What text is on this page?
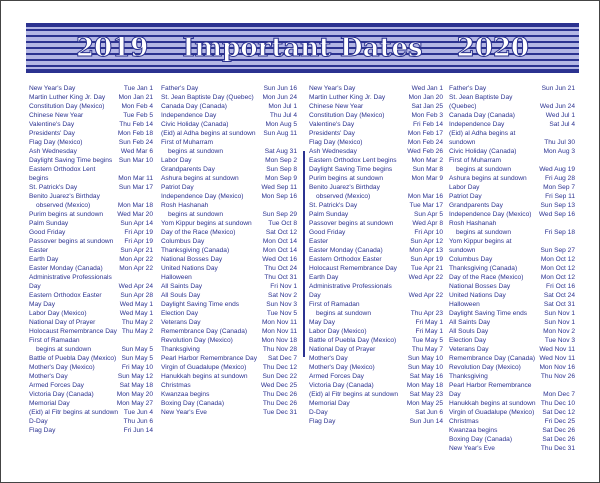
2019 Important Dates 2020
New Year's Day	Tue Jan 1
Martin Luther King Jr. Day	Mon Jan 21
Constitution Day (Mexico)	Mon Feb 4
Chinese New Year	Tue Feb 5
Valentine's Day	Thu Feb 14
Presidents' Day	Mon Feb 18
Flag Day (Mexico)	Sun Feb 24
Ash Wednesday	Wed Mar 6
Daylight Saving Time begins	Sun Mar 10
Eastern Orthodox Lent begins	Mon Mar 11
St. Patrick's Day	Sun Mar 17
Benito Juarez's Birthday
observed (Mexico)	Mon Mar 18
Purim begins at sundown	Wed Mar 20
Palm Sunday	Sun Apr 14
Good Friday	Fri Apr 19
Passover begins at sundown	Fri Apr 19
Easter	Sun Apr 21
Earth Day	Mon Apr 22
Easter Monday (Canada)	Mon Apr 22
Administrative Professionals Day	Wed Apr 24
Eastern Orthodox Easter	Sun Apr 28
May Day	Wed May 1
Labor Day (Mexico)	Wed May 1
National Day of Prayer	Thu May 2
Holocaust Remembrance Day Thu May 2
First of Ramadan
begins at sundown	Sun May 5
Battle of Puebla Day (Mexico) Sun May 5
Mother's Day (Mexico)	Fri May 10
Mother's Day	Sun May 12
Armed Forces Day	Sat May 18
Victoria Day (Canada)	Mon May 20
Memorial Day	Mon May 27
(Eid) al Fitr begins at sundown Tue Jun 4
D-Day	Thu Jun 6
Flag Day	Fri Jun 14
Father's Day	Sun Jun 16
St. Jean Baptiste Day (Quebec)	Mon Jun 24
Canada Day (Canada)	Mon Jul 1
Independence Day	Thu Jul 4
Civic Holiday (Canada)	Mon Aug 5
(Eid) al Adha begins at sundown	Sun Aug 11
First of Muharram
begins at sundown	Sat Aug 31
Labor Day	Mon Sep 2
Grandparents Day	Sun Sep 8
Ashura begins at sundown	Mon Sep 9
Patriot Day	Wed Sep 11
Independence Day (Mexico)	Mon Sep 16
Rosh Hashanah
begins at sundown	Sun Sep 29
Yom Kippur begins at sundown	Tue Oct 8
Day of the Race (Mexico)	Sat Oct 12
Columbus Day	Mon Oct 14
Thanksgiving (Canada)	Mon Oct 14
National Bosses Day	Wed Oct 16
United Nations Day	Thu Oct 24
Halloween	Thu Oct 31
All Saints Day	Fri Nov 1
All Souls Day	Sat Nov 2
Daylight Saving Time ends	Sun Nov 3
Election Day	Tue Nov 5
Veterans Day	Mon Nov 11
Remembrance Day (Canada)	Mon Nov 11
Revolution Day (Mexico)	Mon Nov 18
Thanksgiving	Thu Nov 28
Pearl Harbor Remembrance Day	Sat Dec 7
Virgin of Guadalupe (Mexico)	Thu Dec 12
Hanukkah begins at sundown	Sun Dec 22
Christmas	Wed Dec 25
Kwanzaa begins	Thu Dec 26
Boxing Day (Canada)	Thu Dec 26
New Year's Eve	Tue Dec 31
New Year's Day	Wed Jan 1
Martin Luther King Jr. Day	Mon Jan 20
Chinese New Year	Sat Jan 25
Constitution Day (Mexico)	Mon Feb 3
Valentine's Day	Fri Feb 14
Presidents' Day	Mon Feb 17
Flag Day (Mexico)	Mon Feb 24
Ash Wednesday	Wed Feb 26
Eastern Orthodox Lent begins	Mon Mar 2
Daylight Saving Time begins	Sun Mar 8
Purim begins at sundown	Mon Mar 9
Benito Juarez's Birthday
observed (Mexico)	Mon Mar 16
St. Patrick's Day	Tue Mar 17
Palm Sunday	Sun Apr 5
Passover begins at sundown	Wed Apr 8
Good Friday	Fri Apr 10
Easter	Sun Apr 12
Easter Monday (Canada)	Mon Apr 13
Eastern Orthodox Easter	Sun Apr 19
Holocaust Remembrance Day	Tue Apr 21
Earth Day	Wed Apr 22
Administrative Professionals Day	Wed Apr 22
First of Ramadan
begins at sundown	Thu Apr 23
May Day	Fri May 1
Labor Day (Mexico)	Fri May 1
Battle of Puebla Day (Mexico)	Tue May 5
National Day of Prayer	Thu May 7
Mother's Day	Sun May 10
Mother's Day (Mexico)	Sun May 10
Armed Forces Day	Sat May 16
Victoria Day (Canada)	Mon May 18
(Eid) al Fitr begins at sundown	Sat May 23
Memorial Day	Mon May 25
D-Day	Sat Jun 6
Flag Day	Sun Jun 14
Father's Day	Sun Jun 21
St. Jean Baptiste Day (Quebec)	Wed Jun 24
Canada Day (Canada)	Wed Jul 1
Independence Day	Sat Jul 4
(Eid) al Adha begins at sundown	Thu Jul 30
Civic Holiday (Canada)	Mon Aug 3
First of Muharram
begins at sundown	Wed Aug 19
Ashura begins at sundown	Fri Aug 28
Labor Day	Mon Sep 7
Patriot Day	Fri Sep 11
Grandparents Day	Sun Sep 13
Independence Day (Mexico)	Wed Sep 16
Rosh Hashanah
begins at sundown	Fri Sep 18
Yom Kippur begins at sundown	Sun Sep 27
Columbus Day	Mon Oct 12
Thanksgiving (Canada)	Mon Oct 12
Day of the Race (Mexico)	Mon Oct 12
National Bosses Day	Fri Oct 16
United Nations Day	Sat Oct 24
Halloween	Sat Oct 31
Daylight Saving Time ends	Sun Nov 1
All Saints Day	Sun Nov 1
All Souls Day	Mon Nov 2
Election Day	Tue Nov 3
Veterans Day	Wed Nov 11
Remembrance Day (Canada) Wed Nov 11
Revolution Day (Mexico)	Mon Nov 16
Thanksgiving	Thu Nov 26
Pearl Harbor Remembrance Day	Mon Dec 7
Hanukkah begins at sundown Thu Dec 10
Virgin of Guadalupe (Mexico)	Sat Dec 12
Christmas	Fri Dec 25
Kwanzaa begins	Sat Dec 26
Boxing Day (Canada)	Sat Dec 26
New Year's Eve	Thu Dec 31
